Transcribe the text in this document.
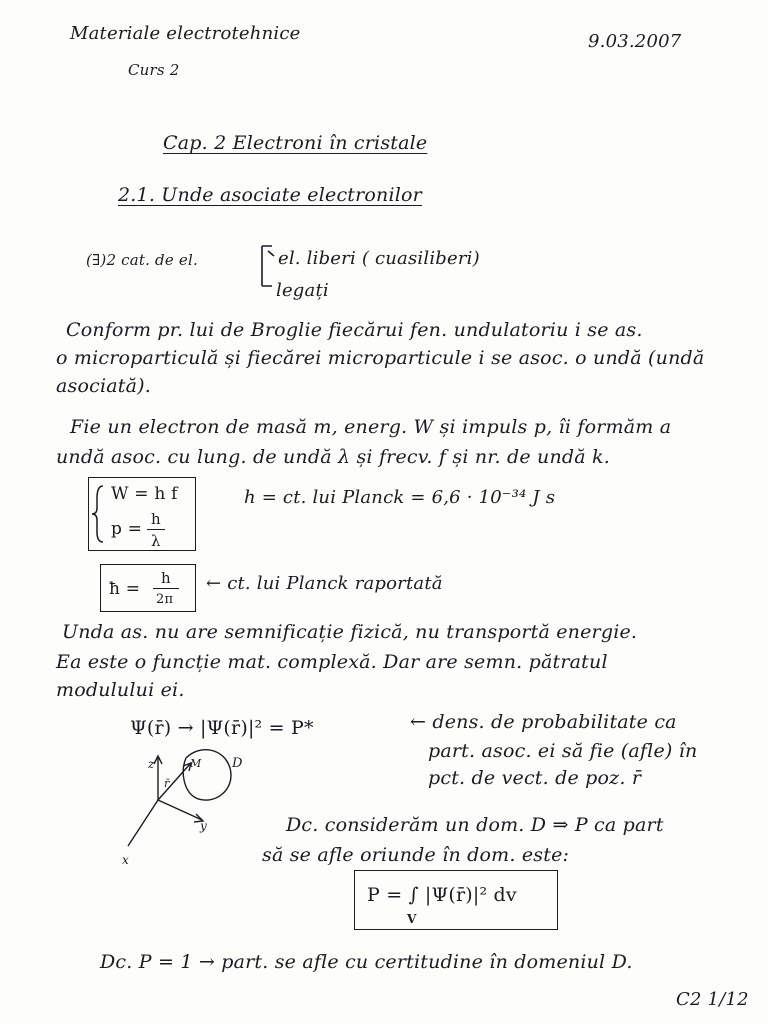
Materiale electrotehnice	9.03.2007
Curs 2
Cap. 2 Electroni în cristale
2.1. Unde asociate electronilor
(∃)2 cat. de el.	el. liberi ( cuasiliberi)
legați
Conform pr. lui de Broglie fiecărui fen. undulatoriu i se as.
o microparticulă și fiecărei microparticule i se asoc. o undă (undă
asociată).
Fie un electron de masă m, energ. W și impuls p, îi formăm a
undă asoc. cu lung. de undă λ și frecv. f și nr. de undă k.
W = h f
p = h
λ
h = ct. lui Planck = 6,6 · 10⁻³⁴ J s
ħ =
h
2π
← ct. lui Planck raportată
Unda as. nu are semnificație fizică, nu transportă energie.
Ea este o funcție mat. complexă. Dar are semn. pătratul
modulului ei.
Ψ(r̄) → |Ψ(r̄)|² = P*	← dens. de probabilitate ca
part. asoc. ei să fie (afle) în
pct. de vect. de poz. r̄
z
y
x
M
r̄
D
Dc. considerăm un dom. D ⇒ P ca part
să se afle oriunde în dom. este:
P = ∫ |Ψ(r̄)|² dv
V
Dc. P = 1 → part. se afle cu certitudine în domeniul D.
C2 1/12
